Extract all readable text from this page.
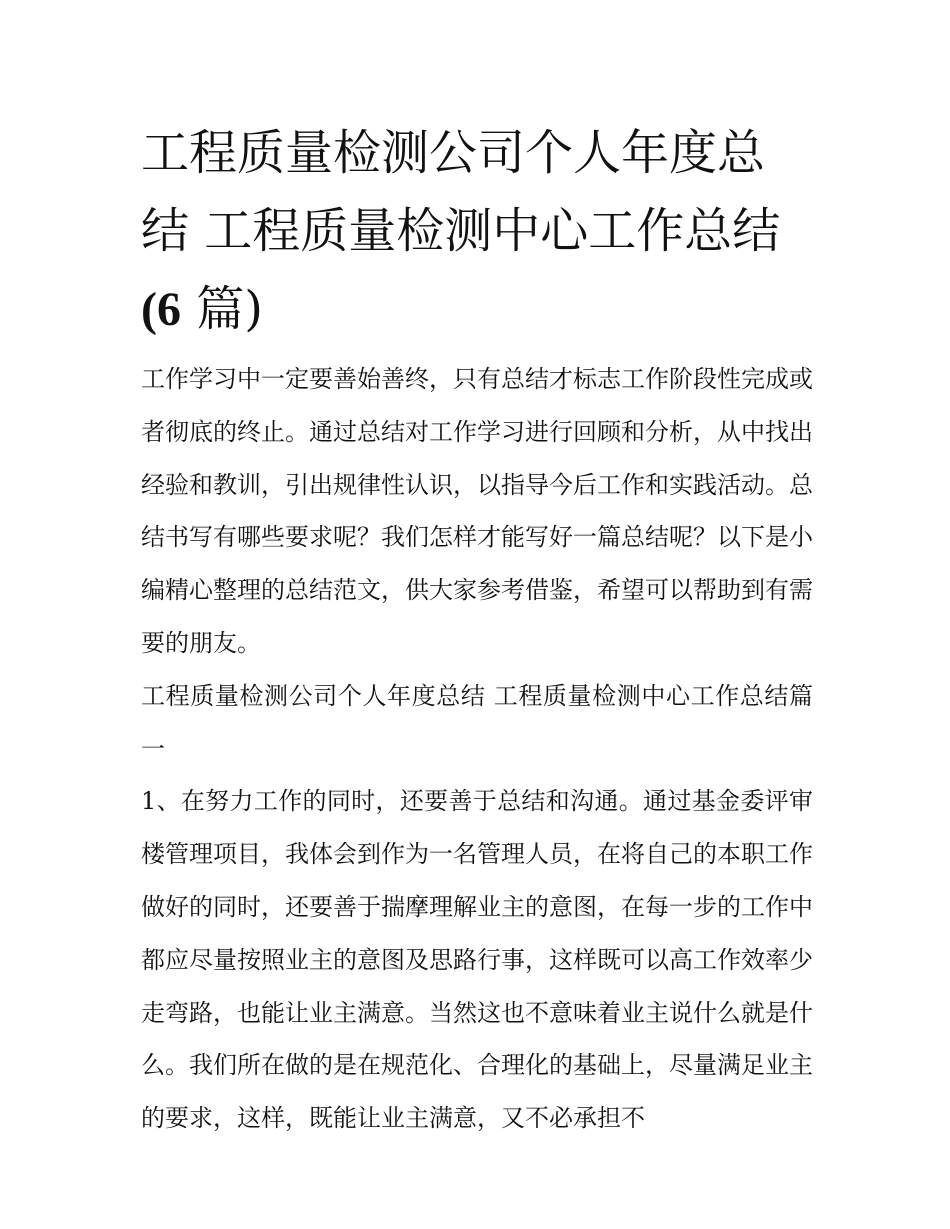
工程质量检测公司个人年度总
结 工程质量检测中心工作总结
(6 篇)

工作学习中一定要善始善终，只有总结才标志工作阶段性完成或者彻底的终止。通过总结对工作学习进行回顾和分析，从中找出经验和教训，引出规律性认识，以指导今后工作和实践活动。总结书写有哪些要求呢？我们怎样才能写好一篇总结呢？以下是小编精心整理的总结范文，供大家参考借鉴，希望可以帮助到有需要的朋友。

工程质量检测公司个人年度总结 工程质量检测中心工作总结篇一

1、在努力工作的同时，还要善于总结和沟通。通过基金委评审楼管理项目，我体会到作为一名管理人员，在将自己的本职工作做好的同时，还要善于揣摩理解业主的意图，在每一步的工作中都应尽量按照业主的意图及思路行事，这样既可以高工作效率少走弯路，也能让业主满意。当然这也不意味着业主说什么就是什么。我们所在做的是在规范化、合理化的基础上，尽量满足业主的要求，这样，既能让业主满意，又不必承担不
